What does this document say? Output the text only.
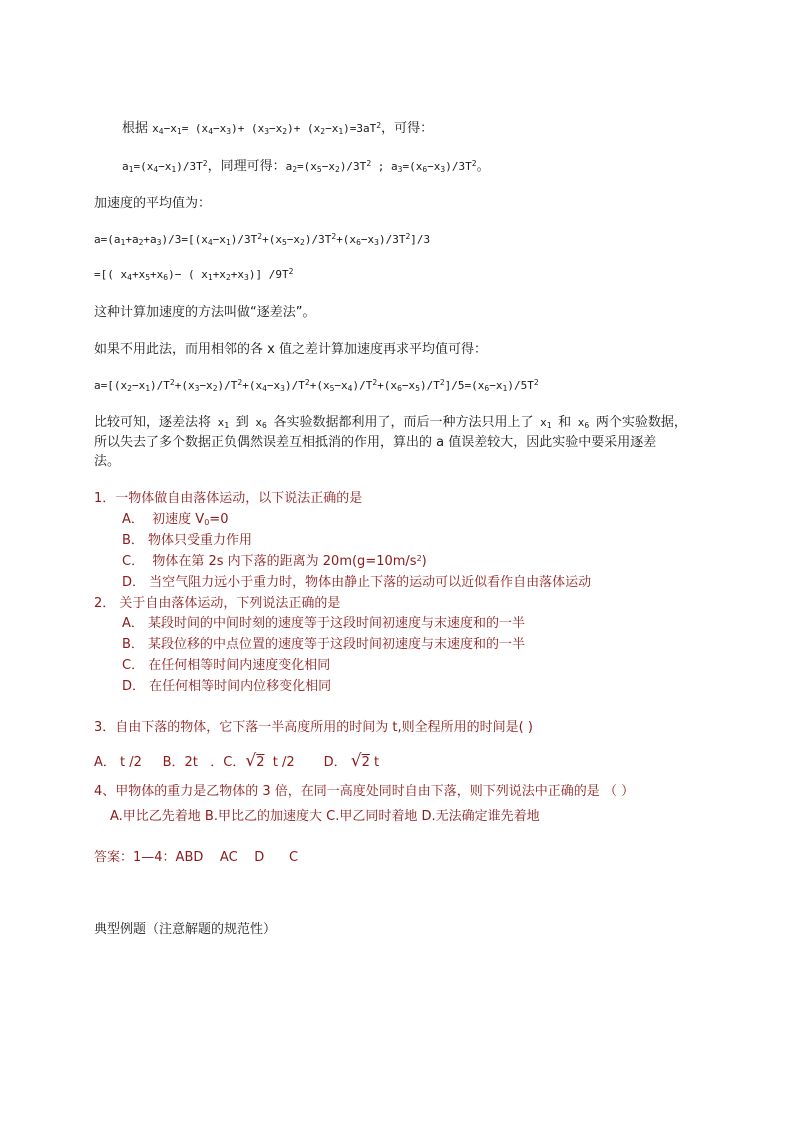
根据 $x_4-x_1= (x_4-x_3)+ (x_3-x_2)+ (x_2-x_1)=3aT^2$，可得：
$a_1=(x_4-x_1)/3T^2$，同理可得：$a_2=(x_5-x_2)/3T^2$ ; $a_3=(x_6-x_3)/3T^2$。
加速度的平均值为：
$a=(a_1+a_2+a_3)/3=[(x_4-x_1)/3T^2+(x_5-x_2)/3T^2+(x_6-x_3)/3T^2]/3$
=[( $x_4+x_5+x_6)-$ ( $x_1+x_2+x_3$)] $/9T^2$
这种计算加速度的方法叫做“逐差法”。
如果不用此法，而用相邻的各 x 值之差计算加速度再求平均值可得：
$a=[(x_2-x_1)/T^2+(x_3-x_2)/T^2+(x_4-x_3)/T^2+(x_5-x_4)/T^2+(x_6-x_5)/T^2]/5=(x_6-x_1)/5T^2$
比较可知，逐差法将 $x_1$ 到 $x_6$ 各实验数据都利用了，而后一种方法只用上了 $x_1$ 和 $x_6$ 两个实验数据，
所以失去了多个数据正负偶然误差互相抵消的作用，算出的 a 值误差较大，因此实验中要采用逐差
法。
1．一物体做自由落体运动，以下说法正确的是
A． 初速度 $V_0=0$
B． 物体只受重力作用
C． 物体在第 2s 内下落的距离为 $20m(g=10m/s^2)$
D． 当空气阻力远小于重力时，物体由静止下落的运动可以近似看作自由落体运动
2． 关于自由落体运动，下列说法正确的是
A． 某段时间的中间时刻的速度等于这段时间初速度与末速度和的一半
B． 某段位移的中点位置的速度等于这段时间初速度与末速度和的一半
C． 在任何相等时间内速度变化相同
D． 在任何相等时间内位移变化相同
3．自由下落的物体，它下落一半高度所用的时间为 t,则全程所用的时间是( )
A． t /2 B．2t ．C．√2 t /2 D． √2 t
4、甲物体的重力是乙物体的 3 倍，在同一高度处同时自由下落，则下列说法中正确的是 （ ）
A.甲比乙先着地 B.甲比乙的加速度大 C.甲乙同时着地 D.无法确定谁先着地
答案：1—4：ABD AC D C
典型例题（注意解题的规范性）
